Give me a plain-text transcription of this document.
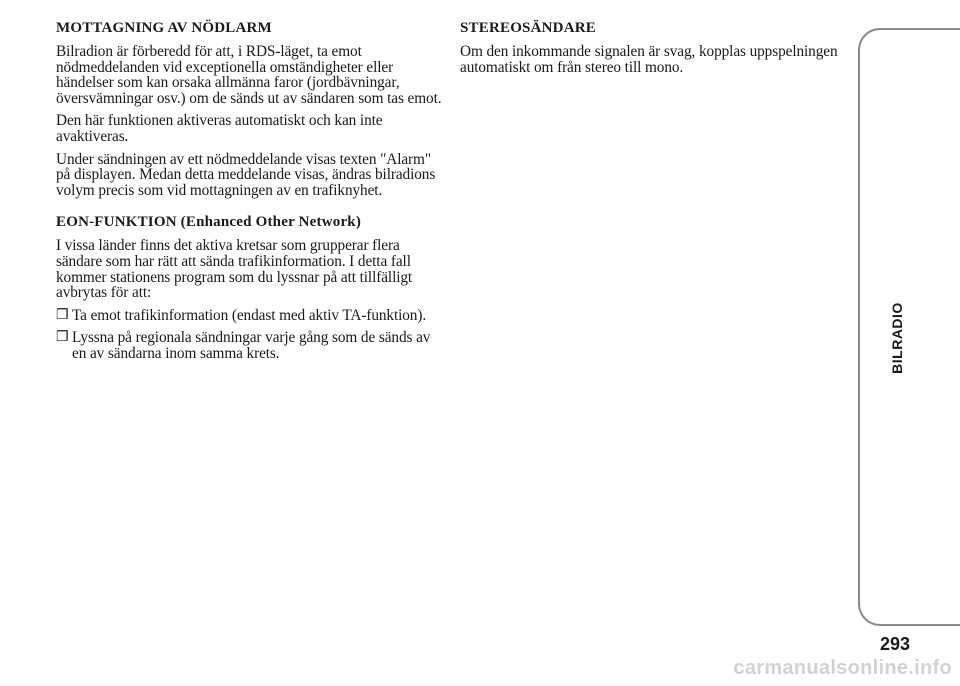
MOTTAGNING AV NÖDLARM

Bilradion är förberedd för att, i RDS-läget, ta emot nödmeddelanden vid exceptionella omständigheter eller händelser som kan orsaka allmänna faror (jordbävningar, översvämningar osv.) om de sänds ut av sändaren som tas emot.

Den här funktionen aktiveras automatiskt och kan inte avaktiveras.

Under sändningen av ett nödmeddelande visas texten "Alarm" på displayen. Medan detta meddelande visas, ändras bilradions volym precis som vid mottagningen av en trafiknyhet.

EON-FUNKTION (Enhanced Other Network)

I vissa länder finns det aktiva kretsar som grupperar flera sändare som har rätt att sända trafikinformation. I detta fall kommer stationens program som du lyssnar på att tillfälligt avbrytas för att:

❒ Ta emot trafikinformation (endast med aktiv TA-funktion).
❒ Lyssna på regionala sändningar varje gång som de sänds av en av sändarna inom samma krets.
STEREOSÄNDARE

Om den inkommande signalen är svag, kopplas uppspelningen automatiskt om från stereo till mono.

BILRADIO
293
carmanualsonline.info
